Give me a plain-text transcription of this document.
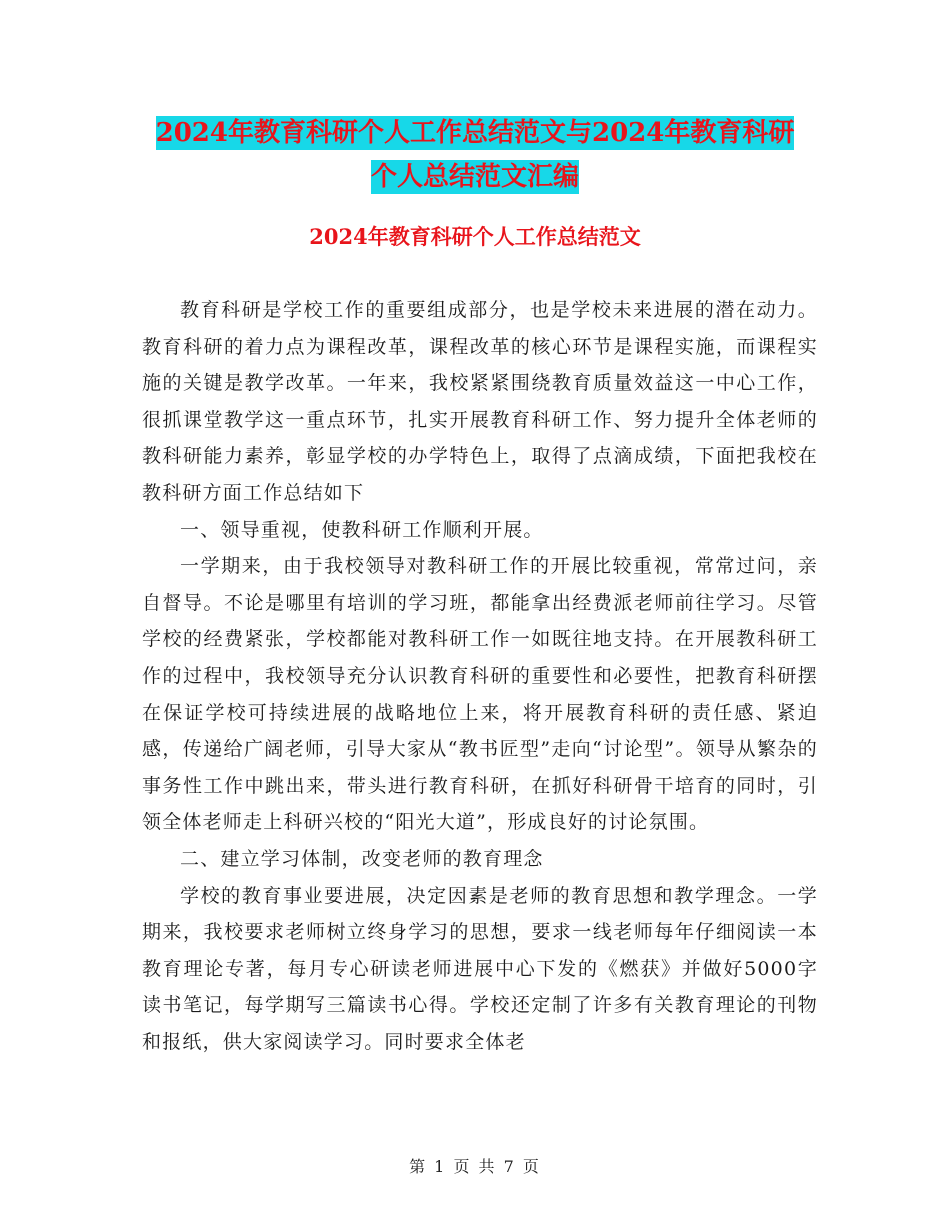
2024年教育科研个人工作总结范文与2024年教育科研
个人总结范文汇编
2024年教育科研个人工作总结范文

教育科研是学校工作的重要组成部分，也是学校未来进展的潜在动力。教育科研的着力点为课程改革，课程改革的核心环节是课程实施，而课程实施的关键是教学改革。一年来，我校紧紧围绕教育质量效益这一中心工作，很抓课堂教学这一重点环节，扎实开展教育科研工作、努力提升全体老师的教科研能力素养，彰显学校的办学特色上，取得了点滴成绩，下面把我校在教科研方面工作总结如下

一、领导重视，使教科研工作顺利开展。

一学期来，由于我校领导对教科研工作的开展比较重视，常常过问，亲自督导。不论是哪里有培训的学习班，都能拿出经费派老师前往学习。尽管学校的经费紧张，学校都能对教科研工作一如既往地支持。在开展教科研工作的过程中，我校领导充分认识教育科研的重要性和必要性，把教育科研摆在保证学校可持续进展的战略地位上来，将开展教育科研的责任感、紧迫感，传递给广阔老师，引导大家从“教书匠型”走向“讨论型”。领导从繁杂的事务性工作中跳出来，带头进行教育科研，在抓好科研骨干培育的同时，引领全体老师走上科研兴校的“阳光大道”，形成良好的讨论氛围。

二、建立学习体制，改变老师的教育理念

学校的教育事业要进展，决定因素是老师的教育思想和教学理念。一学期来，我校要求老师树立终身学习的思想，要求一线老师每年仔细阅读一本教育理论专著，每月专心研读老师进展中心下发的《燃获》并做好5000字读书笔记，每学期写三篇读书心得。学校还定制了许多有关教育理论的刊物和报纸，供大家阅读学习。同时要求全体老

第 1 页 共 7 页
